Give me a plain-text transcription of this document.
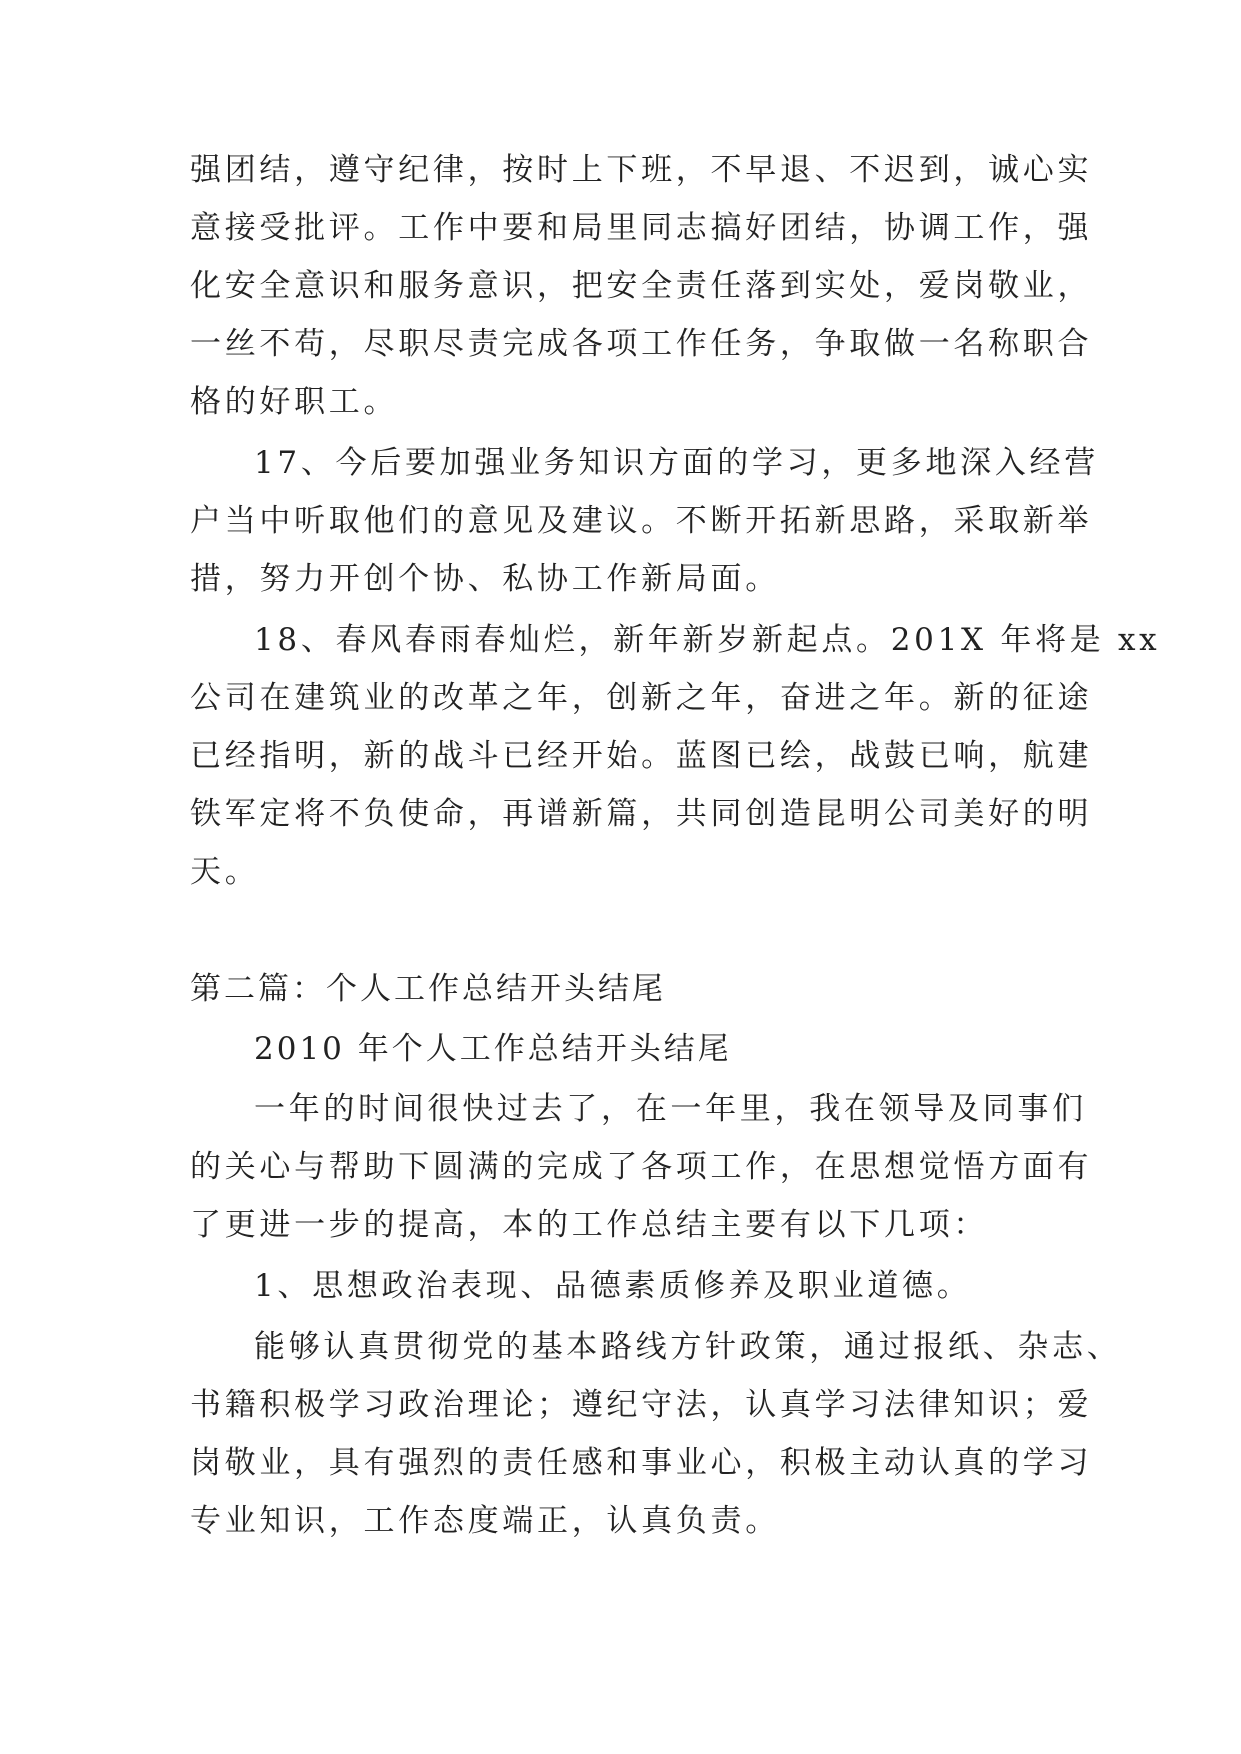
强团结，遵守纪律，按时上下班，不早退、不迟到，诚心实
意接受批评。工作中要和局里同志搞好团结，协调工作，强
化安全意识和服务意识，把安全责任落到实处，爱岗敬业，
一丝不苟，尽职尽责完成各项工作任务，争取做一名称职合
格的好职工。
17、今后要加强业务知识方面的学习，更多地深入经营
户当中听取他们的意见及建议。不断开拓新思路，采取新举
措，努力开创个协、私协工作新局面。
18、春风春雨春灿烂，新年新岁新起点。201X 年将是 xx
公司在建筑业的改革之年，创新之年，奋进之年。新的征途
已经指明，新的战斗已经开始。蓝图已绘，战鼓已响，航建
铁军定将不负使命，再谱新篇，共同创造昆明公司美好的明
天。
第二篇：个人工作总结开头结尾
2010 年个人工作总结开头结尾
一年的时间很快过去了，在一年里，我在领导及同事们
的关心与帮助下圆满的完成了各项工作，在思想觉悟方面有
了更进一步的提高，本的工作总结主要有以下几项：
1、思想政治表现、品德素质修养及职业道德。
能够认真贯彻党的基本路线方针政策，通过报纸、杂志、
书籍积极学习政治理论；遵纪守法，认真学习法律知识；爱
岗敬业，具有强烈的责任感和事业心，积极主动认真的学习
专业知识，工作态度端正，认真负责。
